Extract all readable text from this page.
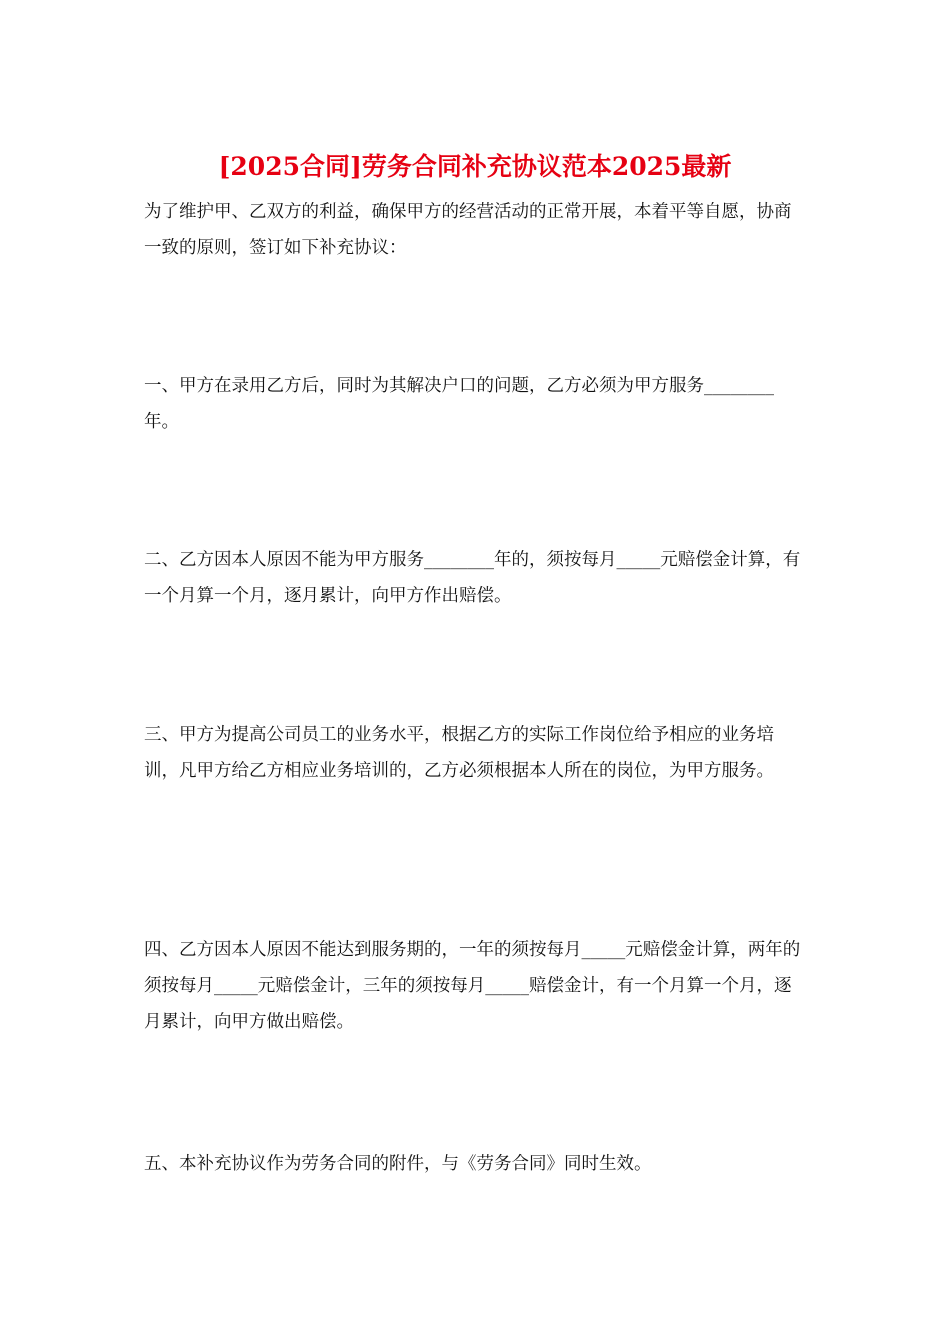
[2025合同]劳务合同补充协议范本2025最新

为了维护甲、乙双方的利益，确保甲方的经营活动的正常开展，本着平等自愿，协商一致的原则，签订如下补充协议：

一、甲方在录用乙方后，同时为其解决户口的问题，乙方必须为甲方服务________年。

二、乙方因本人原因不能为甲方服务________年的，须按每月_____元赔偿金计算，有一个月算一个月，逐月累计，向甲方作出赔偿。

三、甲方为提高公司员工的业务水平，根据乙方的实际工作岗位给予相应的业务培训，凡甲方给乙方相应业务培训的，乙方必须根据本人所在的岗位，为甲方服务。

四、乙方因本人原因不能达到服务期的，一年的须按每月_____元赔偿金计算，两年的须按每月_____元赔偿金计，三年的须按每月_____赔偿金计，有一个月算一个月，逐月累计，向甲方做出赔偿。

五、本补充协议作为劳务合同的附件，与《劳务合同》同时生效。
